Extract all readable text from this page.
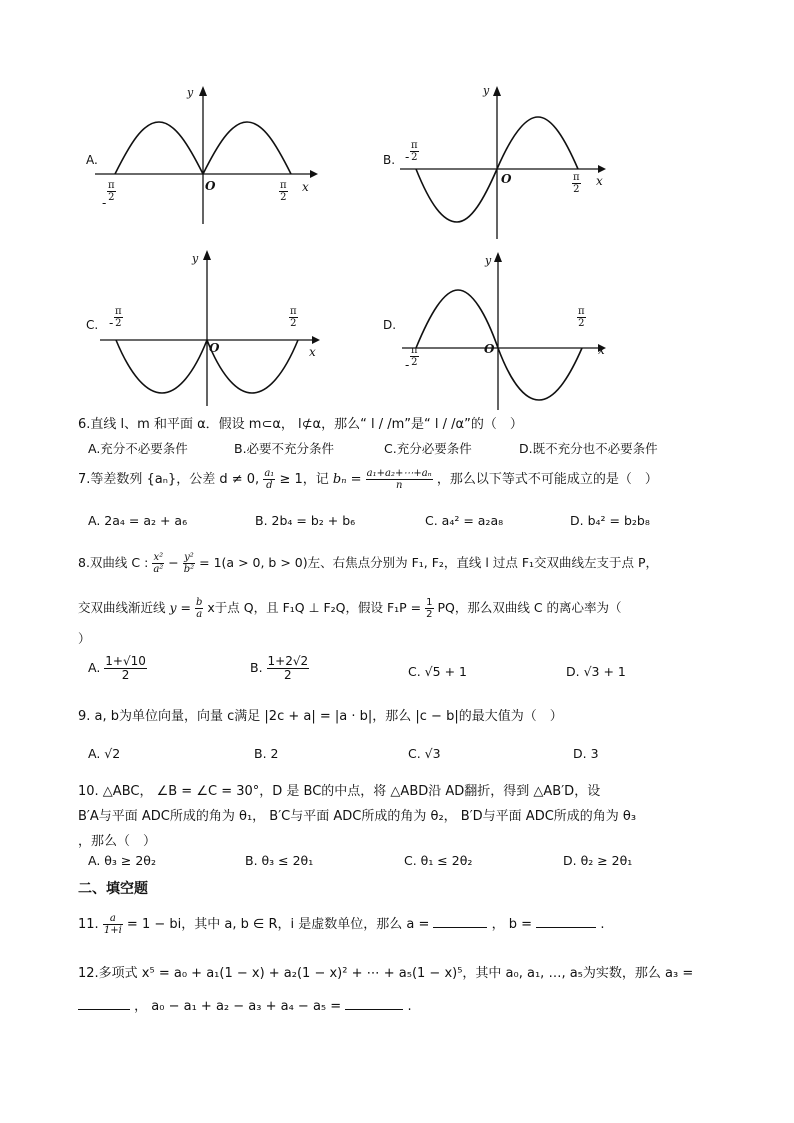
A.
y
x
O
- $\frac{\pi}{2}$	$\frac{\pi}{2}$
B.
y
x
O
- $\frac{\pi}{2}$
$\frac{\pi}{2}$
C.
y
x
O
- $\frac{\pi}{2}$	$\frac{\pi}{2}$	D.
y
x
O
- $\frac{\pi}{2}$
$\frac{\pi}{2}$
6.直线 l、m 和平面 α．假设 m⊂α， l⊄α，那么“ l / /m”是“ l / /α”的（　）
A.充分不必要条件	B.必要不充分条件	C.充分必要条件	D.既不充分也不必要条件
7.等差数列 {aₙ}，公差 d ≠ 0, $\frac{\text{a₁}}{d} \ge 1$，记 $b_n = \frac{\text{a₁+a₂+⋯+aₙ}}{n}$ ，那么以下等式不可能成立的是（　）
A. 2a₄ = a₂ + a₆	B. 2b₄ = b₂ + b₆	C. a₄² = a₂a₈	D. b₄² = b₂b₈
8.双曲线 C : $\frac{\text{x²}}{\text{a²}} - \frac{\text{y²}}{\text{b²}} = 1(a > 0$, b > 0)左、右焦点分别为 F₁, F₂，直线 l 过点 F₁交双曲线左支于点 P，
交双曲线渐近线 $y = \frac{b}{a}$ x于点 Q，且 F₁Q ⊥ F₂Q，假设 $F_1P = \frac{1}{2}$ PQ，那么双曲线 C 的离心率为（
）
A. $\frac{1+√10}{2}$	B. $\frac{1+2√2}{2}$	C. √5 + 1	D. √3 + 1
9. a, b为单位向量，向量 c满足 |2c + a| = |a · b|，那么 |c − b|的最大值为（　）
A. √2	B. 2	C. √3	D. 3
10. △ABC， ∠B = ∠C = 30°，D 是 BC的中点，将 △ABD沿 AD翻折，得到 △AB′D，设
B′A与平面 ADC所成的角为 θ₁， B′C与平面 ADC所成的角为 θ₂， B′D与平面 ADC所成的角为 θ₃
，那么（　）
A. θ₃ ≥ 2θ₂	B. θ₃ ≤ 2θ₁	C. θ₁ ≤ 2θ₂	D. θ₂ ≥ 2θ₁
二、填空题
11. $\frac{a}{1+i} = 1$ − bi，其中 a, b ∈ R，i 是虚数单位，那么 a =	， b =	.
12.多项式 x⁵ = a₀ + a₁(1 − x) + a₂(1 − x)² + ⋯ + a₅(1 − x)⁵，其中 a₀, a₁, …, a₅为实数，那么 a₃ =
， a₀ − a₁ + a₂ − a₃ + a₄ − a₅ =	.
